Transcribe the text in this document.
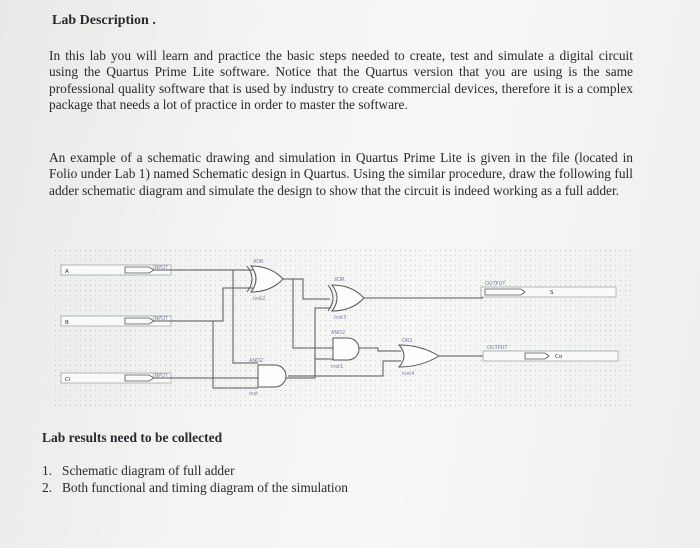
Lab Description .
In this lab you will learn and practice the basic steps needed to create, test and simulate a digital circuit using the Quartus Prime Lite software. Notice that the Quartus version that you are using is the same professional quality software that is used by industry to create commercial devices, therefore it is a complex package that needs a lot of practice in order to master the software.
An example of a schematic drawing and simulation in Quartus Prime Lite is given in the file (located in Folio under Lab 1) named Schematic design in Quartus. Using the similar procedure, draw the following full adder schematic diagram and simulate the design to show that the circuit is indeed working as a full adder.
A
INPUT
B
INPUT
Ci
INPUT
XOR
inst2
XOR
inst3
AND2
inst1
AND2
inst
OR2
inst4
OUTPUT
S
OUTPUT
Co
Lab results need to be collected
1. Schematic diagram of full adder
2. Both functional and timing diagram of the simulation
